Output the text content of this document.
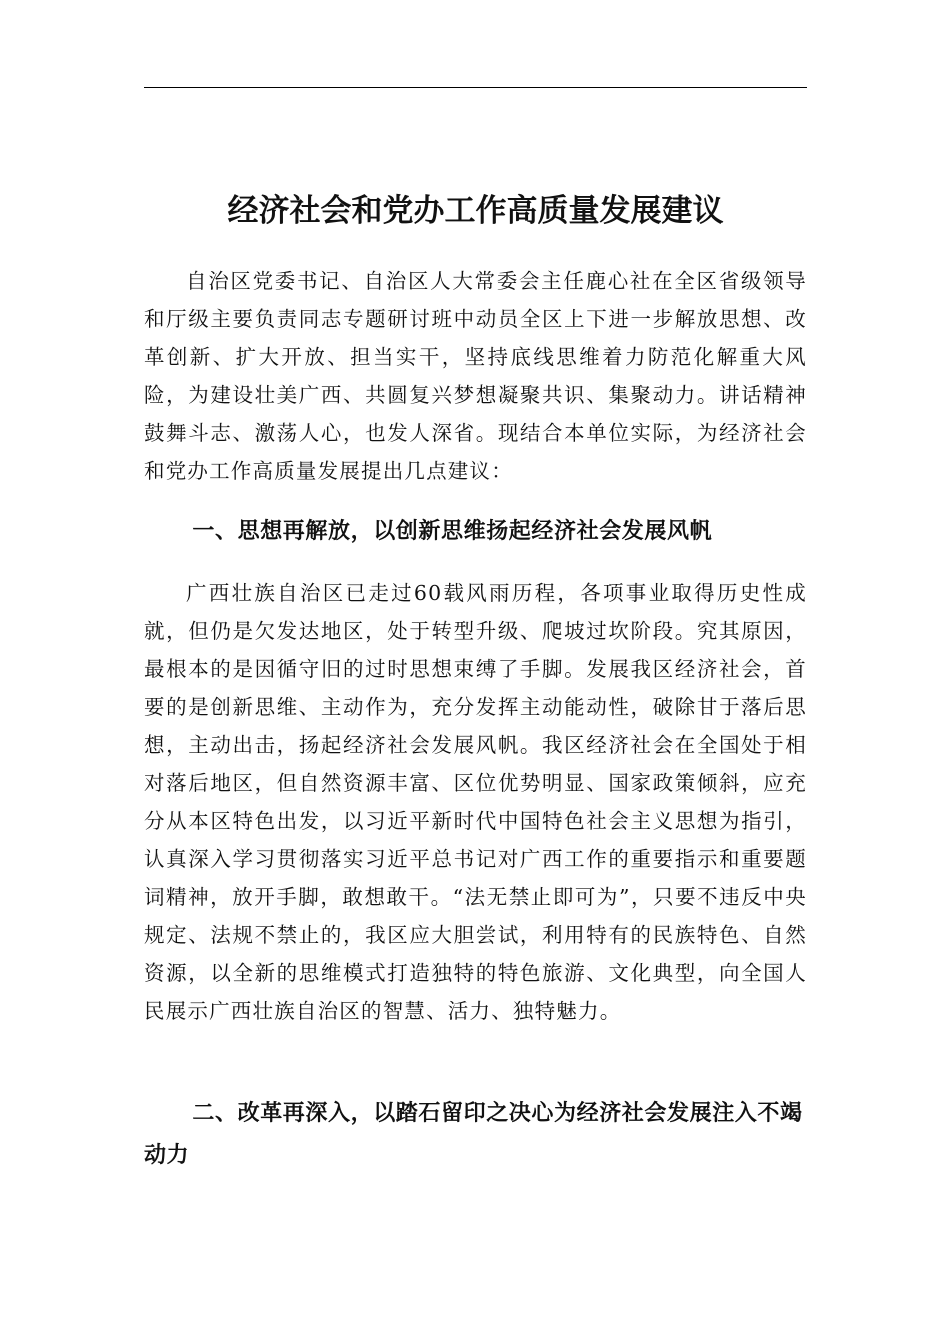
经济社会和党办工作高质量发展建议

自治区党委书记、自治区人大常委会主任鹿心社在全区省级领导和厅级主要负责同志专题研讨班中动员全区上下进一步解放思想、改革创新、扩大开放、担当实干，坚持底线思维着力防范化解重大风险，为建设壮美广西、共圆复兴梦想凝聚共识、集聚动力。讲话精神鼓舞斗志、激荡人心，也发人深省。现结合本单位实际，为经济社会和党办工作高质量发展提出几点建议：

一、思想再解放，以创新思维扬起经济社会发展风帆

广西壮族自治区已走过60载风雨历程，各项事业取得历史性成就，但仍是欠发达地区，处于转型升级、爬坡过坎阶段。究其原因，最根本的是因循守旧的过时思想束缚了手脚。发展我区经济社会，首要的是创新思维、主动作为，充分发挥主动能动性，破除甘于落后思想，主动出击，扬起经济社会发展风帆。我区经济社会在全国处于相对落后地区，但自然资源丰富、区位优势明显、国家政策倾斜，应充分从本区特色出发，以习近平新时代中国特色社会主义思想为指引，认真深入学习贯彻落实习近平总书记对广西工作的重要指示和重要题词精神，放开手脚，敢想敢干。“法无禁止即可为”，只要不违反中央规定、法规不禁止的，我区应大胆尝试，利用特有的民族特色、自然资源，以全新的思维模式打造独特的特色旅游、文化典型，向全国人民展示广西壮族自治区的智慧、活力、独特魅力。

二、改革再深入，以踏石留印之决心为经济社会发展注入不竭动力
